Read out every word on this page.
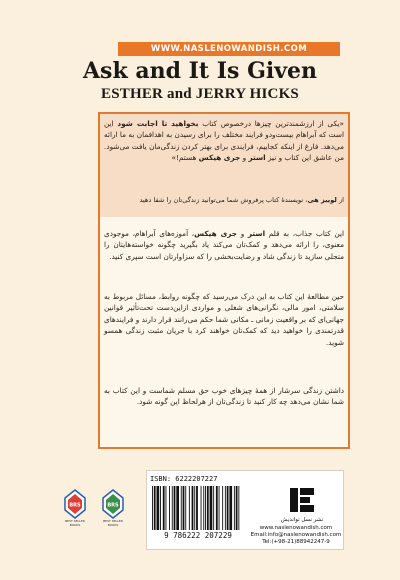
WWW.NASLENOWANDISH.COM
Ask and It Is Given
ESTHER and JERRY HICKS
«یکی از ارزشمندترین چیزها درخصوص کتاب بخواهید تا اجابت شود این است که آبراهام بیست‌ودو فرایند مختلف را برای رسیدن به اهدافمان به ما ارائه می‌دهد. فارغ از اینکه کجاییم، فرایندی برای بهتر کردن زندگی‌مان یافت می‌شود. من عاشق این کتاب و نیز استر و جری هیکس هستم!»
از لوییز هی، نویسندهٔ کتاب پرفروش شما می‌توانید زندگی‌تان را شفا دهید
این کتاب جذاب، به قلم استر و جری هیکس، آموزه‌های آبراهام، موجودی معنوی، را ارائه می‌دهد و کمک‌تان می‌کند یاد بگیرید چگونه خواسته‌هایتان را متجلی سازید تا زندگی شاد و رضایت‌بخشی را که سزاوارتان است سپری کنید.
حین مطالعهٔ این کتاب به این درک می‌رسید که چگونه روابط، مسائل مربوط به سلامتی، امور مالی، نگرانی‌های شغلی و مواردی ازاین‌دست تحت‌تأثیر قوانین جهانی‌ای که بر واقعیت زمانی ـ مکانی شما حکم می‌رانند قرار دارند و فرایندهای قدرتمندی را خواهید دید که کمک‌تان خواهند کرد با جریان مثبت زندگی همسو شوید.
داشتن زندگی سرشار از همهٔ چیزهای خوب حق مسلم شماست و این کتاب به شما نشان می‌دهد چه کار کنید تا زندگی‌تان از هرلحاظ این گونه شود.
BRS
BEST SELLER BOOKS
BRS
BEST SELLER BOOKS
ISBN: 6222207227
9 786222 207229
نشر نسل نواندیش
www.naslenowandish.com
Email:info@naslenowandish.com
Tel:(+98-21)88942247-9
